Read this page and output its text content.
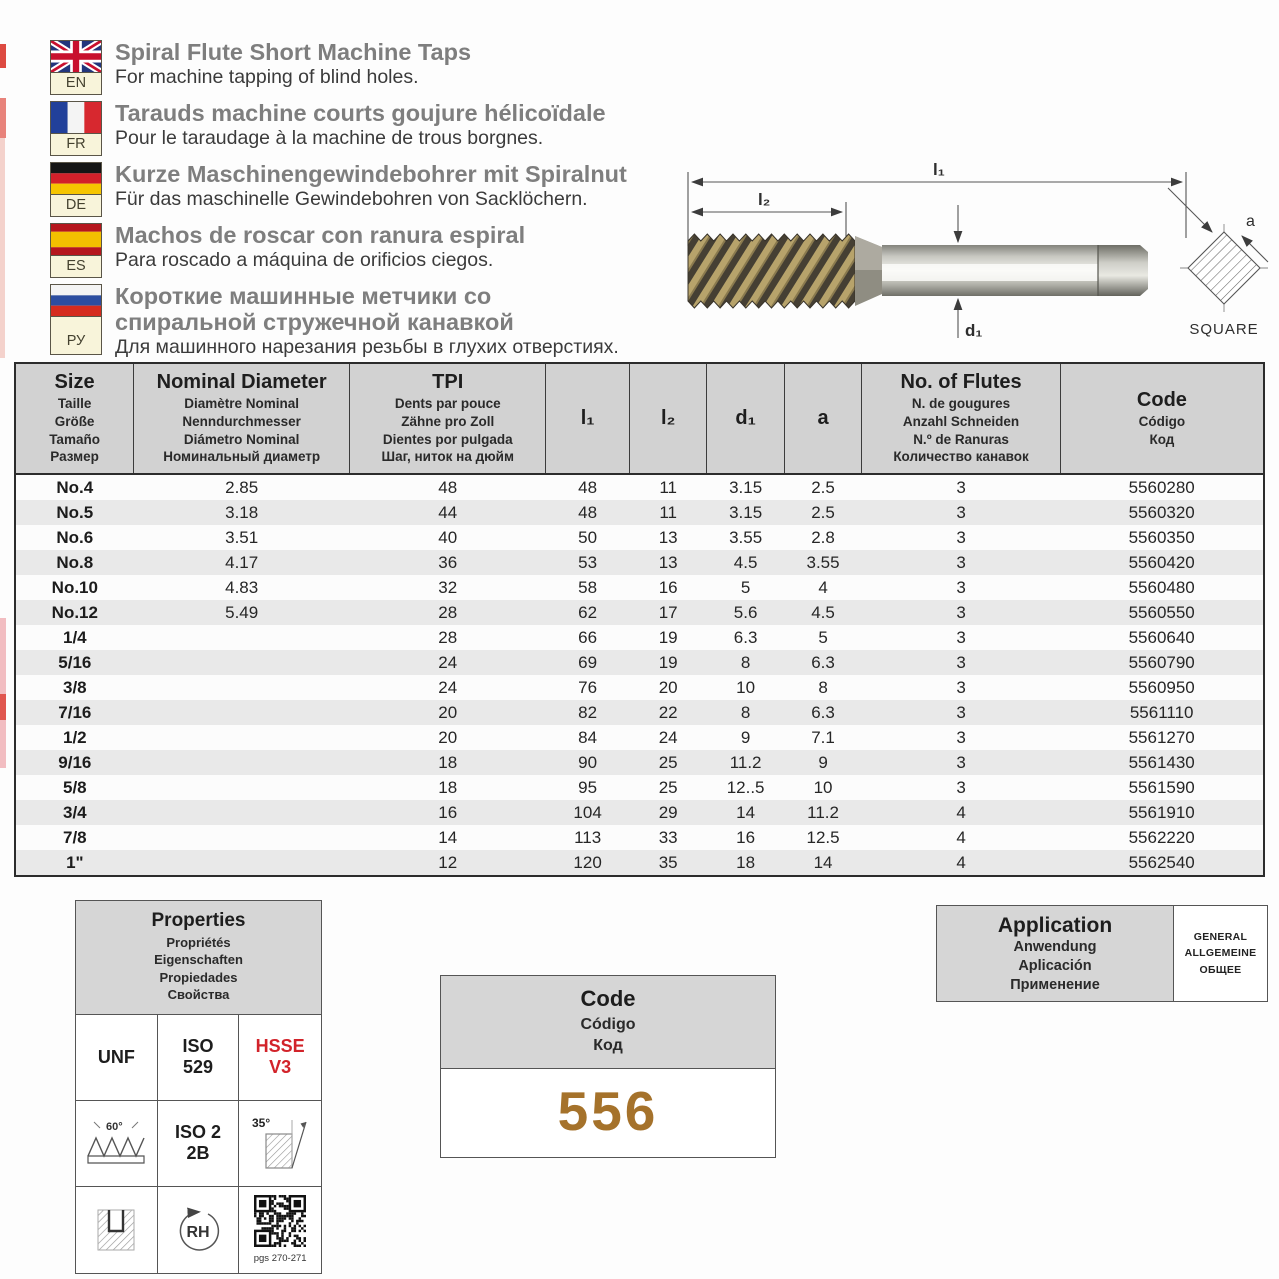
EN
Spiral Flute Short Machine Taps
For machine tapping of blind holes.
FR
Tarauds machine courts goujure hélicoïdale
Pour le taraudage à la machine de trous borgnes.
DE
Kurze Maschinengewindebohrer mit Spiralnut
Für das maschinelle Gewindebohren von Sacklöchern.
ES
Machos de roscar con ranura espiral
Para roscado a máquina de orificios ciegos.
РУ
Короткие машинные метчики со спиральной стружечной канавкой
Для машинного нарезания резьбы в глухих отверстиях.
l₁
l₂
d₁
a
SQUARE
Size
Taille
Größe
Tamaño
Размер

Nominal Diameter
Diamètre Nominal
Nenndurchmesser
Diámetro Nominal
Номинальный диаметр

TPI
Dents par pouce
Zähne pro Zoll
Dientes por pulgada
Шаг, ниток на дюйм

l₁	l₂	d₁	a

No. of Flutes
N. de gougures
Anzahl Schneiden
N.º de Ranuras
Количество канавок

Code
Código
Код

No.4	2.85	48	48	11	3.15	2.5	3	5560280
No.5	3.18	44	48	11	3.15	2.5	3	5560320
No.6	3.51	40	50	13	3.55	2.8	3	5560350
No.8	4.17	36	53	13	4.5	3.55	3	5560420
No.10	4.83	32	58	16	5	4	3	5560480
No.12	5.49	28	62	17	5.6	4.5	3	5560550
1/4		28	66	19	6.3	5	3	5560640
5/16		24	69	19	8	6.3	3	5560790
3/8		24	76	20	10	8	3	5560950
7/16		20	82	22	8	6.3	3	5561110
1/2		20	84	24	9	7.1	3	5561270
9/16		18	90	25	11.2	9	3	5561430
5/8		18	95	25	12..5	10	3	5561590
3/4		16	104	29	14	11.2	4	5561910
7/8		14	113	33	16	12.5	4	5562220
1"		12	120	35	18	14	4	5562540
Properties
Propriétés
Eigenschaften
Propiedades
Свойства
UNF
ISO
529
HSSE
V3
60°	ISO 2
2B
35°
RH
pgs 270-271
Code
Código
Код
556
Application
Anwendung
Aplicación
Применение
GENERAL
ALLGEMEINE
ОБЩЕЕ
